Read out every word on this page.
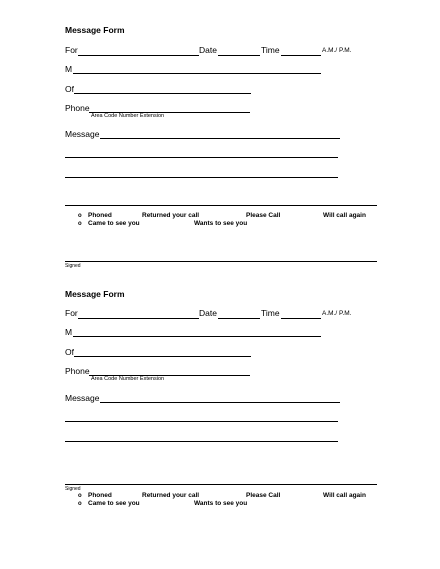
Message Form
For	Date	Time	A.M./ P.M.
M
Of
Phone
Area Code Number Extension
Message
o Phoned	Returned your call	Please Call	Will call again
o Came to see you	Wants to see you
Signed
Message Form
For	Date	Time	A.M./ P.M.
M
Of
Phone
Area Code Number Extension
Message
Signed
o Phoned	Returned your call	Please Call	Will call again
o Came to see you	Wants to see you
